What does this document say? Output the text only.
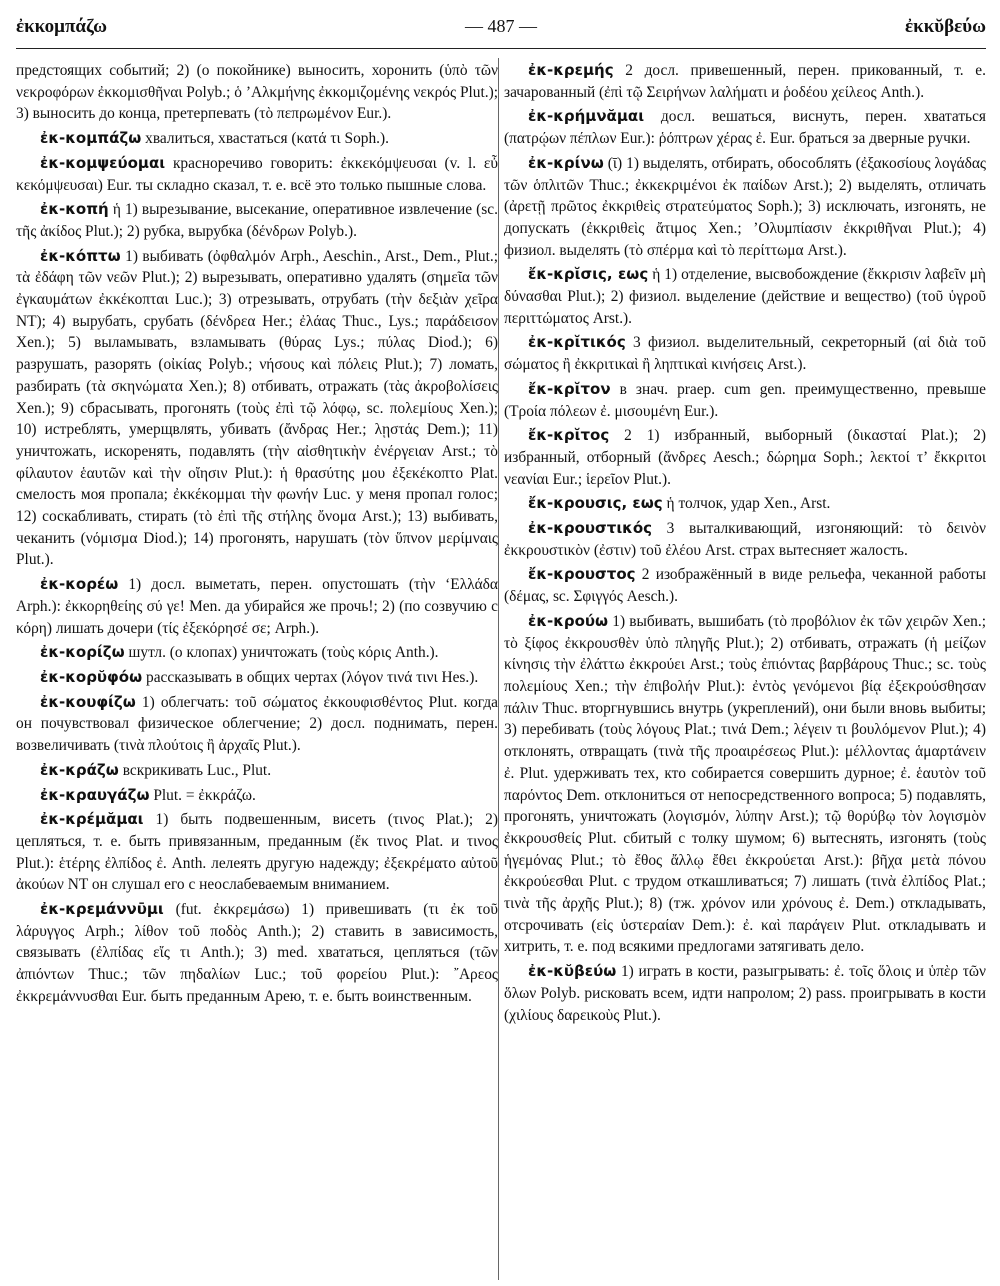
— 487 —
ἐκκομπάζω	ἐκκῠβεύω

предстоящих событий; 2) (о покойнике) выносить, хоронить (ὑπὸ τῶν νεκροφόρων ἐκκομισθῆναι Polyb.; ὁ ’Αλκμήνης ἐκκομιζομένης νεκρός Plut.); 3) выносить до конца, претерпевать (τὸ πεπρωμένον Eur.).

ἐκ-κομπάζω хвалиться, хвастаться (κατά τι Soph.).

ἐκ-κομψεύομαι красноречиво говорить: ἐκκεκόμψευσαι (v. l. εὖ κεκόμψευσαι) Eur. ты складно сказал, т. е. всё это только пышные слова.

ἐκ-κοπή ἡ 1) вырезывание, высекание, оперативное извлечение (sc. τῆς ἀκίδος Plut.); 2) рубка, вырубка (δένδρων Polyb.).

ἐκ-κόπτω 1) выбивать (ὀφθαλμόν Arph., Aeschin., Arst., Dem., Plut.; τὰ ἐδάφη τῶν νεῶν Plut.); 2) вырезывать, оперативно удалять (σημεῖα τῶν ἐγκαυμάτων ἐκκέκοπται Luc.); 3) отрезывать, отрубать (τὴν δεξιὰν χεῖρα NT); 4) вырубать, срубать (δένδρεα Her.; ἐλάας Thuc., Lys.; παράδεισον Xen.); 5) выламывать, взламывать (θύρας Lys.; πύλας Diod.); 6) разрушать, разорять (οἰκίας Polyb.; νήσους καὶ πόλεις Plut.); 7) ломать, разбирать (τὰ σκηνώματα Xen.); 8) отбивать, отражать (τὰς ἀκροβολίσεις Xen.); 9) сбрасывать, прогонять (τοὺς ἐπὶ τῷ λόφῳ, sc. πολεμίους Xen.); 10) истреблять, умерщвлять, убивать (ἄνδρας Her.; λῃστάς Dem.); 11) уничтожать, искоренять, подавлять (τὴν αἰσθητικὴν ἐνέργειαν Arst.; τὸ φίλαυτον ἑαυτῶν καὶ τὴν οἴησιν Plut.): ἡ θρασύτης μου ἐξεκέκοπτο Plat. смелость моя пропала; ἐκκέκομμαι τὴν φωνήν Luc. у меня пропал голос; 12) соскабливать, стирать (τὸ ἐπὶ τῆς στήλης ὄνομα Arst.); 13) выбивать, чеканить (νόμισμα Diod.); 14) прогонять, нарушать (τὸν ὕπνον μερίμναις Plut.).

ἐκ-κορέω 1) досл. выметать, перен. опустошать (τὴν ‘Ελλάδα Arph.): ἐκκορηθείης σύ γε! Men. да убирайся же прочь!; 2) (по созвучию с κόρη) лишать дочери (τίς ἐξεκόρησέ σε; Arph.).

ἐκ-κορίζω шутл. (о клопах) уничтожать (τοὺς κόρις Anth.).

ἐκ-κορῠφόω рассказывать в общих чертах (λόγον τινά τινι Hes.).

ἐκ-κουφίζω 1) облегчать: τοῦ σώματος ἐκκουφισθέντος Plut. когда он почувствовал физическое облегчение; 2) досл. поднимать, перен. возвеличивать (τινὰ πλούτοις ἢ ἀρχαῖς Plut.).

ἐκ-κράζω вскрикивать Luc., Plut.

ἐκ-κραυγάζω Plut. = ἐκκράζω.

ἐκ-κρέμᾰμαι 1) быть подвешенным, висеть (τινος Plat.); 2) цепляться, т. е. быть привязанным, преданным (ἔκ τινος Plat. и τινος Plut.): ἑτέρης ἐλπίδος ἐ. Anth. лелеять другую надежду; ἐξεκρέματο αὐτοῦ ἀκούων NT он слушал его с неослабеваемым вниманием.

ἐκ-κρεμάννῡμι (fut. ἐκκρεμάσω) 1) привешивать (τι ἐκ τοῦ λάρυγγος Arph.; λίθον τοῦ ποδὸς Anth.); 2) ставить в зависимость, связывать (ἐλπίδας εἴς τι Anth.); 3) med. хвататься, цепляться (τῶν ἀπιόντων Thuc.; τῶν πηδαλίων Luc.; τοῦ φορείου Plut.): ῎Αρεος ἐκκρεμάννυσθαι Eur. быть преданным Арею, т. е. быть воинственным.

ἐκ-κρεμής 2 досл. привешенный, перен. прикованный, т. е. зачарованный (ἐπὶ τῷ Σειρήνων λαλήματι и ῥοδέου χείλεος Anth.).

ἐκ-κρήμνᾰμαι досл. вешаться, виснуть, перен. хвататься (πατρῴων πέπλων Eur.): ῥόπτρων χέρας ἐ. Eur. браться за дверные ручки.

ἐκ-κρίνω (ῑ) 1) выделять, отбирать, обособлять (ἐξακοσίους λογάδας τῶν ὁπλιτῶν Thuc.; ἐκκεκριμένοι ἐκ παίδων Arst.); 2) выделять, отличать (ἀρετῇ πρῶτος ἐκκριθεὶς στρατεύματος Soph.); 3) исключать, изгонять, не допускать (ἐκκριθεὶς ἄτιμος Xen.; ’Ολυμπίασιν ἐκκριθῆναι Plut.); 4) физиол. выделять (τὸ σπέρμα καὶ τὸ περίττωμα Arst.).

ἔκ-κρῐσις, εως ἡ 1) отделение, высвобождение (ἔκκρισιν λαβεῖν μὴ δύνασθαι Plut.); 2) физиол. выделение (действие и вещество) (τοῦ ὑγροῦ περιττώματος Arst.).

ἐκ-κρῐτικός 3 физиол. выделительный, секреторный (αἱ διὰ τοῦ σώματος ἢ ἐκκριτικαὶ ἢ ληπτικαὶ κινήσεις Arst.).

ἔκ-κρῐτον в знач. praep. cum gen. преимущественно, превыше (Τροία πόλεων ἐ. μισουμένη Eur.).

ἔκ-κρῐτος 2 1) избранный, выборный (δικασταί Plat.); 2) избранный, отборный (ἄνδρες Aesch.; δώρημα Soph.; λεκτοί τ’ ἔκκριτοι νεανίαι Eur.; ἱερεῖον Plut.).

ἔκ-κρουσις, εως ἡ толчок, удар Xen., Arst.

ἐκ-κρουστικός 3 выталкивающий, изгоняющий: τὸ δεινὸν ἐκκρουστικὸν (ἐστιν) τοῦ ἐλέου Arst. страх вытесняет жалость.

ἔκ-κρουστος 2 изображённый в виде рельефа, чеканной работы (δέμας, sc. Σφιγγός Aesch.).

ἐκ-κρούω 1) выбивать, вышибать (τὸ προβόλιον ἐκ τῶν χειρῶν Xen.; τὸ ξίφος ἐκκρουσθὲν ὑπὸ πληγῆς Plut.); 2) отбивать, отражать (ἡ μείζων κίνησις τὴν ἐλάττω ἐκκρούει Arst.; τοὺς ἐπιόντας βαρβάρους Thuc.; sc. τοὺς πολεμίους Xen.; τὴν ἐπιβολήν Plut.): ἐντὸς γενόμενοι βίᾳ ἐξεκρούσθησαν πάλιν Thuc. вторгнувшись внутрь (укреплений), они были вновь выбиты; 3) перебивать (τοὺς λόγους Plat.; τινά Dem.; λέγειν τι βουλόμενον Plut.); 4) отклонять, отвращать (τινὰ τῆς προαιρέσεως Plut.): μέλλοντας ἁμαρτάνειν ἐ. Plut. удерживать тех, кто собирается совершить дурное; ἐ. ἑαυτὸν τοῦ παρόντος Dem. отклониться от непосредственного вопроса; 5) подавлять, прогонять, уничтожать (λογισμόν, λύπην Arst.); τῷ θορύβῳ τὸν λογισμὸν ἐκκρουσθείς Plut. сбитый с толку шумом; 6) вытеснять, изгонять (τοὺς ἡγεμόνας Plut.; τὸ ἔθος ἄλλῳ ἔθει ἐκκρούεται Arst.): βῆχα μετὰ πόνου ἐκκρούεσθαι Plut. с трудом откашливаться; 7) лишать (τινὰ ἐλπίδος Plat.; τινὰ τῆς ἀρχῆς Plut.); 8) (тж. χρόνον или χρόνους ἐ. Dem.) откладывать, отсрочивать (εἰς ὑστεραίαν Dem.): ἐ. καὶ παράγειν Plut. откладывать и хитрить, т. е. под всякими предлогами затягивать дело.

ἐκ-κῠβεύω 1) играть в кости, разыгрывать: ἐ. τοῖς ὅλοις и ὑπὲρ τῶν ὅλων Polyb. рисковать всем, идти напролом; 2) pass. проигрывать в кости (χιλίους δαρεικοὺς Plut.).
